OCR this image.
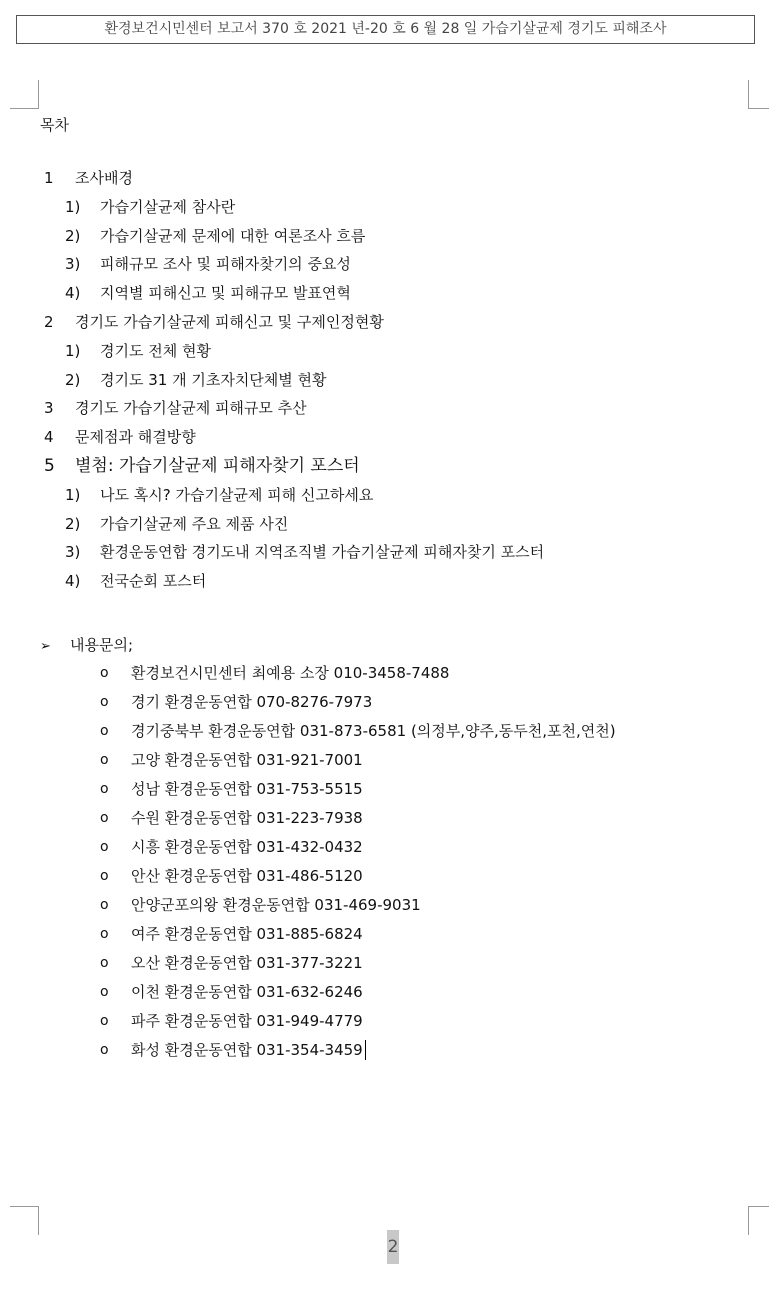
환경보건시민센터 보고서 370 호 2021 년-20 호 6 월 28 일 가습기살균제 경기도 피해조사
목차
1 조사배경
1) 가습기살균제 참사란
2) 가습기살균제 문제에 대한 여론조사 흐름
3) 피해규모 조사 및 피해자찾기의 중요성
4) 지역별 피해신고 및 피해규모 발표연혁
2 경기도 가습기살균제 피해신고 및 구제인정현황
1) 경기도 전체 현황
2) 경기도 31 개 기초자치단체별 현황
3 경기도 가습기살균제 피해규모 추산
4 문제점과 해결방향
5 별첨: 가습기살균제 피해자찾기 포스터
1) 나도 혹시? 가습기살균제 피해 신고하세요
2) 가습기살균제 주요 제품 사진
3) 환경운동연합 경기도내 지역조직별 가습기살균제 피해자찾기 포스터
4) 전국순회 포스터
➢ 내용문의;
o 환경보건시민센터 최예용 소장 010-3458-7488
o 경기 환경운동연합 070-8276-7973
o 경기중북부 환경운동연합 031-873-6581 (의정부,양주,동두천,포천,연천)
o 고양 환경운동연합 031-921-7001
o 성남 환경운동연합 031-753-5515
o 수원 환경운동연합 031-223-7938
o 시흥 환경운동연합 031-432-0432
o 안산 환경운동연합 031-486-5120
o 안양군포의왕 환경운동연합 031-469-9031
o 여주 환경운동연합 031-885-6824
o 오산 환경운동연합 031-377-3221
o 이천 환경운동연합 031-632-6246
o 파주 환경운동연합 031-949-4779
o 화성 환경운동연합 031-354-3459
2
